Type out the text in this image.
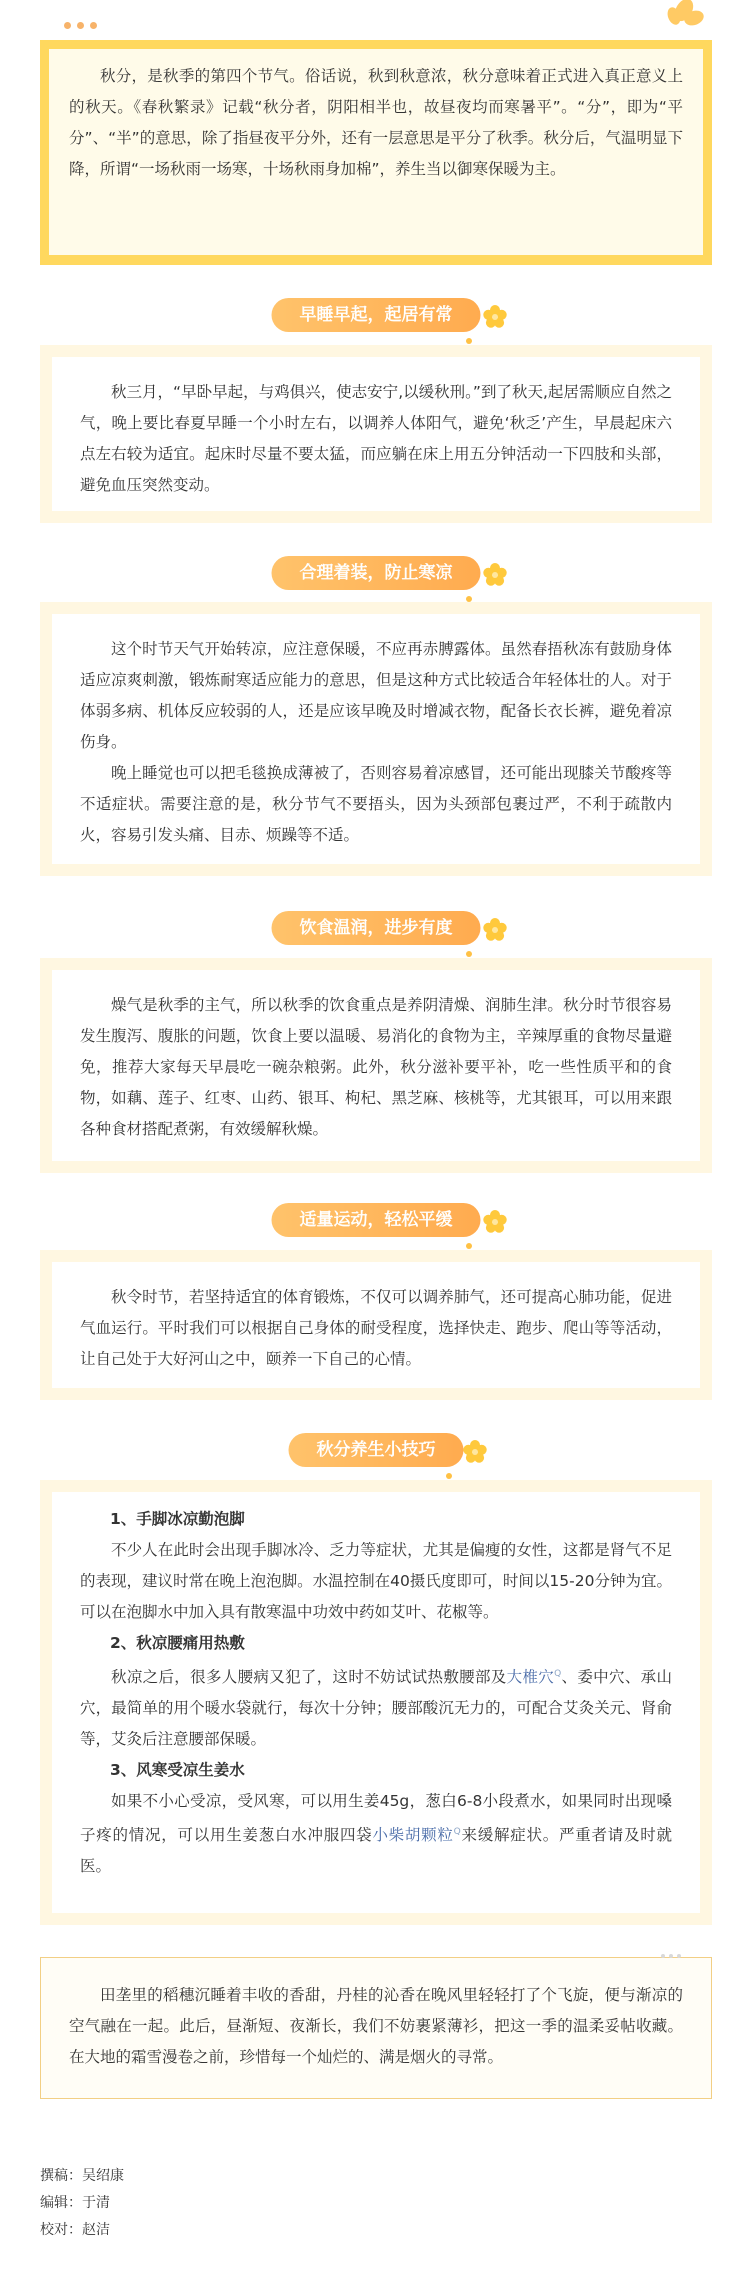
秋分，是秋季的第四个节气。俗话说，秋到秋意浓，秋分意味着正式进入真正意义上的秋天。《春秋繁录》记载“秋分者，阴阳相半也，故昼夜均而寒暑平”。“分”，即为“平分”、“半”的意思，除了指昼夜平分外，还有一层意思是平分了秋季。秋分后，气温明显下降，所谓“一场秋雨一场寒，十场秋雨身加棉”，养生当以御寒保暖为主。

早睡早起，起居有常

秋三月，“早卧早起，与鸡俱兴，使志安宁,以缓秋刑。”到了秋天,起居需顺应自然之气，晚上要比春夏早睡一个小时左右，以调养人体阳气，避免‘秋乏’产生，早晨起床六点左右较为适宜。起床时尽量不要太猛，而应躺在床上用五分钟活动一下四肢和头部，避免血压突然变动。

合理着装，防止寒凉

这个时节天气开始转凉，应注意保暖，不应再赤膊露体。虽然春捂秋冻有鼓励身体适应凉爽刺激，锻炼耐寒适应能力的意思，但是这种方式比较适合年轻体壮的人。对于体弱多病、机体反应较弱的人，还是应该早晚及时增减衣物，配备长衣长裤，避免着凉伤身。

晚上睡觉也可以把毛毯换成薄被了，否则容易着凉感冒，还可能出现膝关节酸疼等不适症状。需要注意的是，秋分节气不要捂头，因为头颈部包裹过严，不利于疏散内火，容易引发头痛、目赤、烦躁等不适。

饮食温润，进步有度

燥气是秋季的主气，所以秋季的饮食重点是养阴清燥、润肺生津。秋分时节很容易发生腹泻、腹胀的问题，饮食上要以温暖、易消化的食物为主，辛辣厚重的食物尽量避免，推荐大家每天早晨吃一碗杂粮粥。此外，秋分滋补要平补，吃一些性质平和的食物，如藕、莲子、红枣、山药、银耳、枸杞、黑芝麻、核桃等，尤其银耳，可以用来跟各种食材搭配煮粥，有效缓解秋燥。

适量运动，轻松平缓

秋令时节，若坚持适宜的体育锻炼，不仅可以调养肺气，还可提高心肺功能，促进气血运行。平时我们可以根据自己身体的耐受程度，选择快走、跑步、爬山等等活动，让自己处于大好河山之中，颐养一下自己的心情。

秋分养生小技巧

1、手脚冰凉勤泡脚

不少人在此时会出现手脚冰冷、乏力等症状，尤其是偏瘦的女性，这都是肾气不足的表现，建议时常在晚上泡泡脚。水温控制在40摄氏度即可，时间以15-20分钟为宜。可以在泡脚水中加入具有散寒温中功效中药如艾叶、花椒等。

2、秋凉腰痛用热敷

秋凉之后，很多人腰病又犯了，这时不妨试试热敷腰部及大椎穴$^Q$、委中穴、承山穴，最简单的用个暖水袋就行，每次十分钟；腰部酸沉无力的，可配合艾灸关元、肾俞等，艾灸后注意腰部保暖。

3、风寒受凉生姜水

如果不小心受凉，受风寒，可以用生姜45g，葱白6-8小段煮水，如果同时出现嗓子疼的情况，可以用生姜葱白水冲服四袋小柴胡颗粒$^Q$来缓解症状。严重者请及时就医。

田垄里的稻穗沉睡着丰收的香甜，丹桂的沁香在晚风里轻轻打了个飞旋，便与渐凉的空气融在一起。此后，昼渐短、夜渐长，我们不妨裹紧薄衫，把这一季的温柔妥帖收藏。在大地的霜雪漫卷之前，珍惜每一个灿烂的、满是烟火的寻常。

撰稿：吴绍康
编辑：于清
校对：赵洁
